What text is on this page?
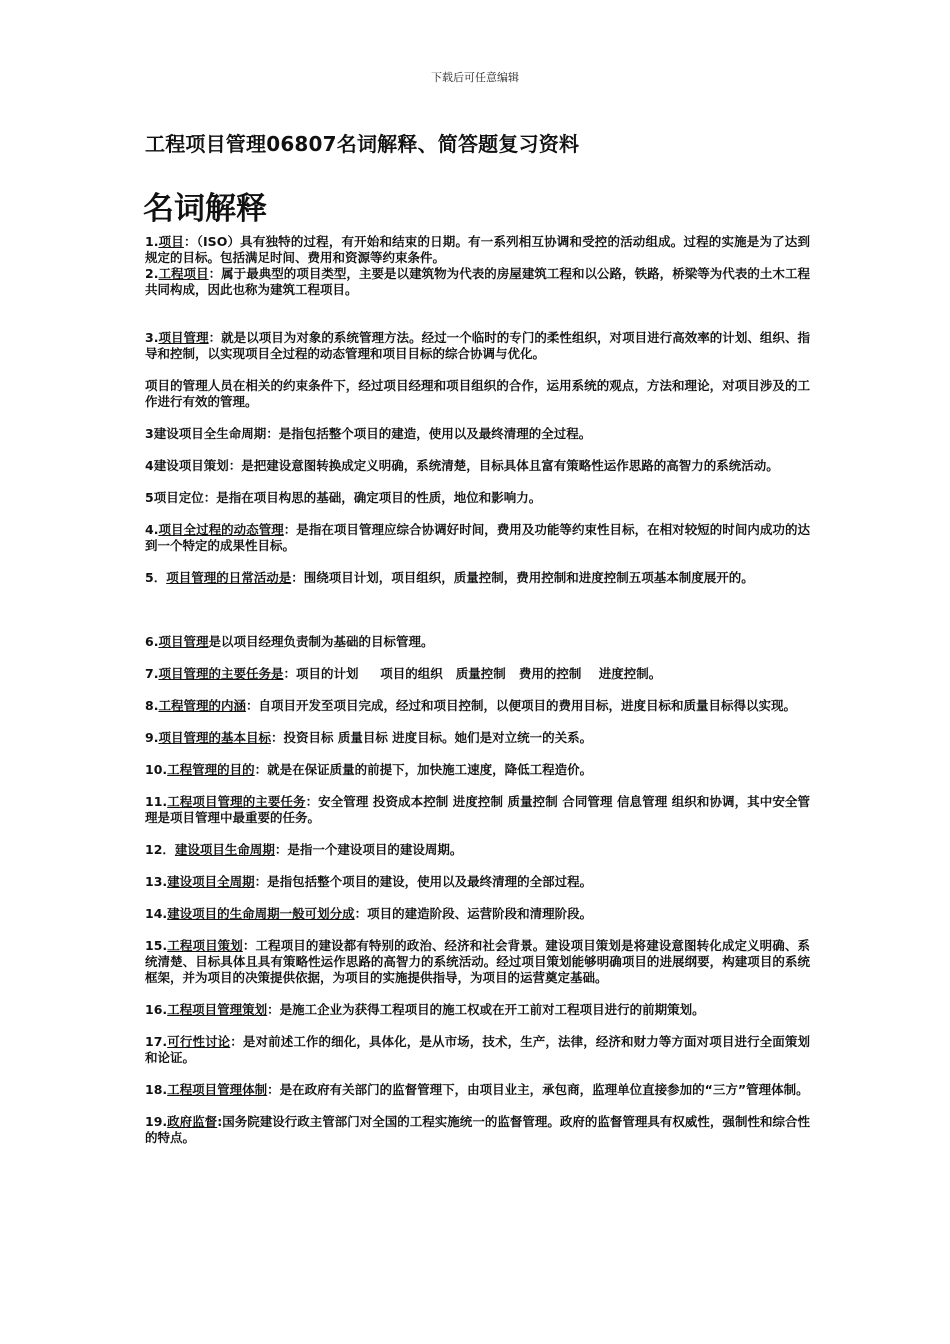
下载后可任意编辑
工程项目管理06807名词解释、简答题复习资料
名词解释

1.项目：（ISO）具有独特的过程，有开始和结束的日期。有一系列相互协调和受控的活动组成。过程的实施是为了达到规定的目标。包括满足时间、费用和资源等约束条件。

2.工程项目：属于最典型的项目类型，主要是以建筑物为代表的房屋建筑工程和以公路，铁路，桥梁等为代表的土木工程共同构成，因此也称为建筑工程项目。

3.项目管理：就是以项目为对象的系统管理方法。经过一个临时的专门的柔性组织，对项目进行高效率的计划、组织、指导和控制，以实现项目全过程的动态管理和项目目标的综合协调与优化。

项目的管理人员在相关的约束条件下，经过项目经理和项目组织的合作，运用系统的观点，方法和理论，对项目涉及的工作进行有效的管理。

3建设项目全生命周期：是指包括整个项目的建造，使用以及最终清理的全过程。

4建设项目策划：是把建设意图转换成定义明确，系统清楚，目标具体且富有策略性运作思路的高智力的系统活动。

5项目定位：是指在项目构思的基础，确定项目的性质，地位和影响力。

4.项目全过程的动态管理：是指在项目管理应综合协调好时间，费用及功能等约束性目标，在相对较短的时间内成功的达到一个特定的成果性目标。

5．项目管理的日常活动是：围绕项目计划，项目组织，质量控制，费用控制和进度控制五项基本制度展开的。

6.项目管理是以项目经理负责制为基础的目标管理。

7.项目管理的主要任务是：项目的计划     项目的组织   质量控制   费用的控制    进度控制。

8.工程管理的内涵：自项目开发至项目完成，经过和项目控制，以便项目的费用目标，进度目标和质量目标得以实现。

9.项目管理的基本目标：投资目标 质量目标 进度目标。她们是对立统一的关系。

10.工程管理的目的：就是在保证质量的前提下，加快施工速度，降低工程造价。

11.工程项目管理的主要任务：安全管理 投资成本控制 进度控制 质量控制 合同管理 信息管理 组织和协调，其中安全管理是项目管理中最重要的任务。

12．建设项目生命周期：是指一个建设项目的建设周期。

13.建设项目全周期：是指包括整个项目的建设，使用以及最终清理的全部过程。

14.建设项目的生命周期一般可划分成：项目的建造阶段、运营阶段和清理阶段。

15.工程项目策划：工程项目的建设都有特别的政治、经济和社会背景。建设项目策划是将建设意图转化成定义明确、系统清楚、目标具体且具有策略性运作思路的高智力的系统活动。经过项目策划能够明确项目的进展纲要，构建项目的系统框架，并为项目的决策提供依据，为项目的实施提供指导，为项目的运营奠定基础。

16.工程项目管理策划：是施工企业为获得工程项目的施工权或在开工前对工程项目进行的前期策划。

17.可行性讨论：是对前述工作的细化，具体化，是从市场，技术，生产，法律，经济和财力等方面对项目进行全面策划和论证。

18.工程项目管理体制：是在政府有关部门的监督管理下，由项目业主，承包商，监理单位直接参加的“三方”管理体制。

19.政府监督:国务院建设行政主管部门对全国的工程实施统一的监督管理。政府的监督管理具有权威性，强制性和综合性的特点。
